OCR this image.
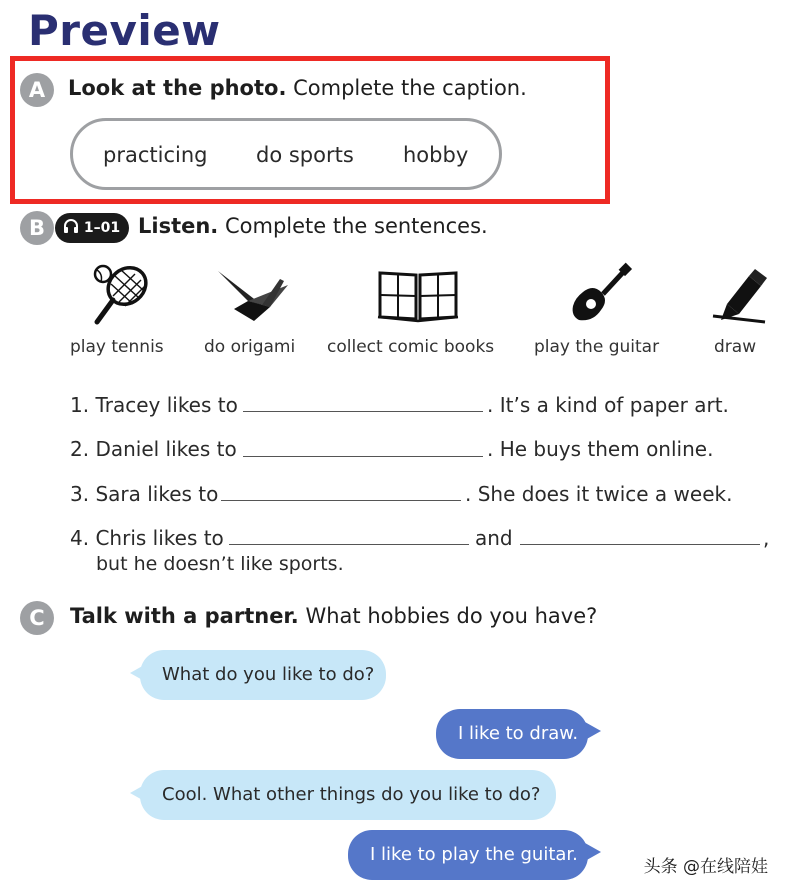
Preview
A	Look at the photo. Complete the caption.
practicing do sports hobby
B	1–01 Listen. Complete the sentences.
play tennis do origami collect comic books play the guitar	draw
1. Tracey likes to	. It’s a kind of paper art.
2. Daniel likes to	. He buys them online.
3. Sara likes to	. She does it twice a week.
4. Chris likes to	and	,
but he doesn’t like sports.
C	Talk with a partner. What hobbies do you have?
What do you like to do?
I like to draw.
Cool. What other things do you like to do?
I like to play the guitar.
头条 @在线陪娃
